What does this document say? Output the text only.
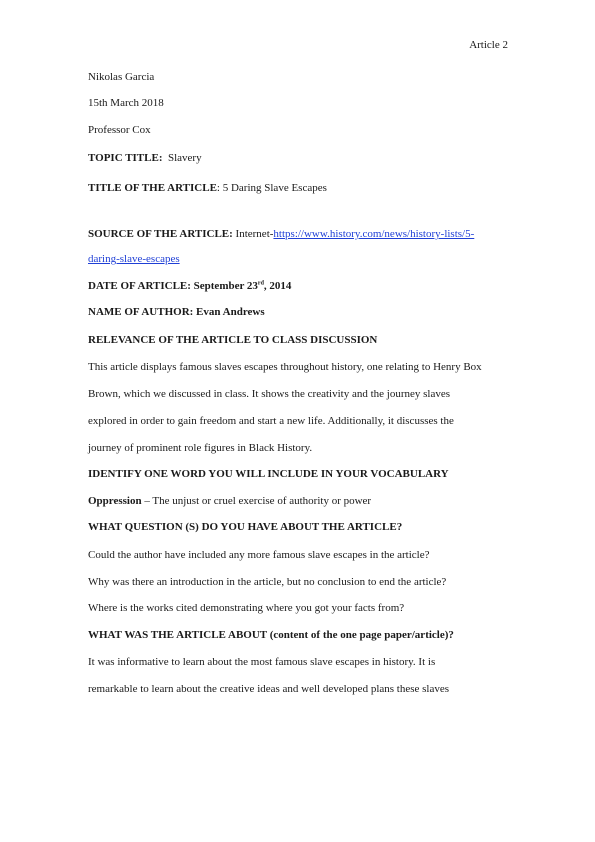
Article 2
Nikolas Garcia
15th March 2018
Professor Cox
TOPIC TITLE: Slavery
TITLE OF THE ARTICLE: 5 Daring Slave Escapes
SOURCE OF THE ARTICLE: Internet-https://www.history.com/news/history-lists/5-
daring-slave-escapes
DATE OF ARTICLE: September 23rd, 2014
NAME OF AUTHOR: Evan Andrews
RELEVANCE OF THE ARTICLE TO CLASS DISCUSSION
This article displays famous slaves escapes throughout history, one relating to Henry Box
Brown, which we discussed in class. It shows the creativity and the journey slaves
explored in order to gain freedom and start a new life. Additionally, it discusses the
journey of prominent role figures in Black History.
IDENTIFY ONE WORD YOU WILL INCLUDE IN YOUR VOCABULARY
Oppression – The unjust or cruel exercise of authority or power
WHAT QUESTION (S) DO YOU HAVE ABOUT THE ARTICLE?
Could the author have included any more famous slave escapes in the article?
Why was there an introduction in the article, but no conclusion to end the article?
Where is the works cited demonstrating where you got your facts from?
WHAT WAS THE ARTICLE ABOUT (content of the one page paper/article)?
It was informative to learn about the most famous slave escapes in history. It is
remarkable to learn about the creative ideas and well developed plans these slaves
